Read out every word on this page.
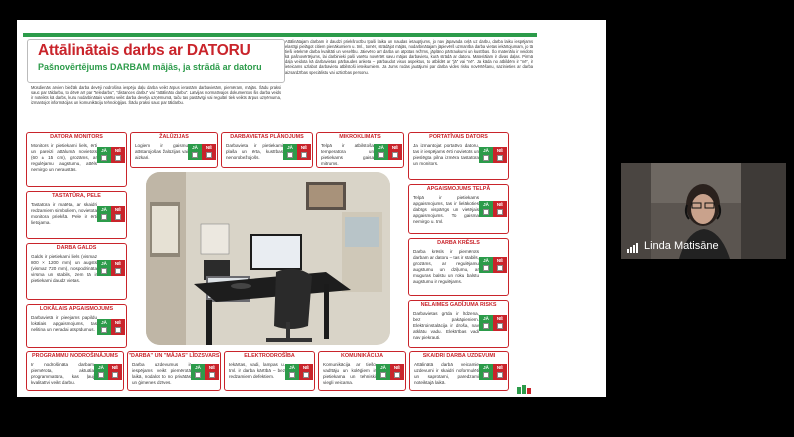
Attālinātais darbs ar DATORU
Pašnovērtējums DARBAM mājās, ja strādā ar datoru
Mūsdienās arvien biežāk darba devēji nodrošina iespēju daļu darba veikt ārpus ierastām darbavietām, piemēram, mājās. Šādu praksi sauc par tāldarbu, to dēvē arī par "teledarbu", "distances darbu" vai "attālināto darbu". Latvijas normatīvajos dokumentos šis darba veids ir noteikts kā darbs, kuru nodarbinātais varētu veikt darba devēja uzņēmumā, taču tas pastāvīgi vai regulāri tiek veikts ārpus uzņēmuma, izmantojot informācijas un komunikāciju tehnoloģijas. Šādu praksi sauc par tāldarbu.
Attālinātajam darbam ir daudzi priekšrocību īpaši laika un naudas ietaupījums, jo nav jāpavada ceļā uz darbu, darba laiku iespējams elastīgi pielāgot citiem pienākumiem u. tml., tomēr, strādājot mājās, nodarbinātajam jāpievērš uzmanība darba vietas iekārtojumam, jo tā tieši ietekmē darba kvalitāti un veselību. Jāievēro arī darba un atpūtas režīms, jāplāno pārtraukumi un kustības. Šo materiālu ir veidots kā pašnovērtējums, lai darbinieki paši varētu novērtēt savu mājas darbavietu, kurā strādā ar datoru. Materiālam ir divas daļas. Pirmā daļa veidota kā darbavietas pārbaudes anketa – pārbaudot visus aspektus, to atbildēt ar "jā" vai "nē". Ja kāda no atbildēm ir "nē", ir ieteicams uzlabot darbavietu atbilstoši ieteikumiem. Ja Jums rodas jautājumi par darba vides risku novērtēšanu, sazinieties ar darba aizsardzības speciālistu vai uzticības personu.
DATORA MONITORS
Monitors ir pietiekami liels, ērti un pareizi attālumā novietots (60 ± 15 cm), grozāms, ar regulējamu augstumu, attēls nemirgo un neraustās.
JĀ	NĒ
TASTATŪRA, PELE
Tastatūra ir matēta, ar skaidri redzamiem simboliem, novietota monitora priekšā. Pele ir ērti lietojama.
JĀ	NĒ
DARBA GALDS
Galds ir pietiekami liels (vismaz 800 × 1200 mm) un augsts (vismaz 720 mm), nospodrināta virsma un stabils, zem tā ir pietiekami daudz vietas.
JĀ	NĒ
LOKĀLAIS APGAISMOJUMS
Darbavietā ir pieejams papildu lokālais apgaismojums, tas nelitina un neradai atspīdumus.
JĀ	NĒ
ŽALŪZIJAS
Logiem ir gaismu attstarojošas žalūzijas vai aizkari.
JĀ	NĒ
DARBAVIETAS PLĀNOJUMS
Darbavieta ir pietiekami plaša un ērta, kustības nenorobežojošs.
JĀ	NĒ
MIKROKLIMATS
Telpā ir atbilstoša temperatūra un pietiekams gaisa mitrums.
JĀ	NĒ
PORTATĪVAIS DATORS
Ja izmantojat portatīvo datoru, tas ir iespējams ērti novietots un pieslēgta pilna izmēra tastatūra un monitors.
JĀ	NĒ
APGAISMOJUMS TELPĀ
Telpā ir pietiekams apgaismojums, tas ir lielākoties dabīgs vispārīgs un vietējais apgaismojums. To gaisma nemirgo u. tml.
JĀ	NĒ
DARBA KRĒSLS
Darba krēsls ir piemērots darbam ar datoru – tas ir stabils, grozāms, ar regulējamu augstumu un dziļumu, ar muguras balstu un roku balstu augstumu ir regulējams.
JĀ	NĒ
NELAIMES GADĪJUMA RISKS
Darbavietas grīda ir līdzena, bez pakāpieniem. Elektroinstalācija ir droša, nav atklātu vadu. Elektrības vadi nav piekrauti.
JĀ	NĒ
PROGRAMMU NODROŠINĀJUMS
Ir nodrošināta darbam piemērota, aktuāla programmatūra, kas ļauj kvalitatīvi veikt darbu.
JĀ	NĒ
"DARBA" UN "MĀJAS" LĪDZSVARS
Darba uzdevumus ir iespējams veikt piemērotā laikā, nodalot to no privātās un ģimenes dzīves.
JĀ	NĒ
ELEKTRODROŠĪBA
Iekārtas, vadi, lampas u. tml. ir darba kārtībā – bez redzamiem defektiem.
JĀ	NĒ
KOMUNIKĀCIJA
Komunikācija ar tiešo vadītāju un kolēģiem ir pietiekama un tehniski viegli veicama.
JĀ	NĒ
SKAIDRI DARBA UZDEVUMI
Attālinātā darbā veicamie uzdevumi ir skaidri noformulēti un saprotami, paredzami noteiktajā laikā.
JĀ	NĒ
Linda Matisāne
